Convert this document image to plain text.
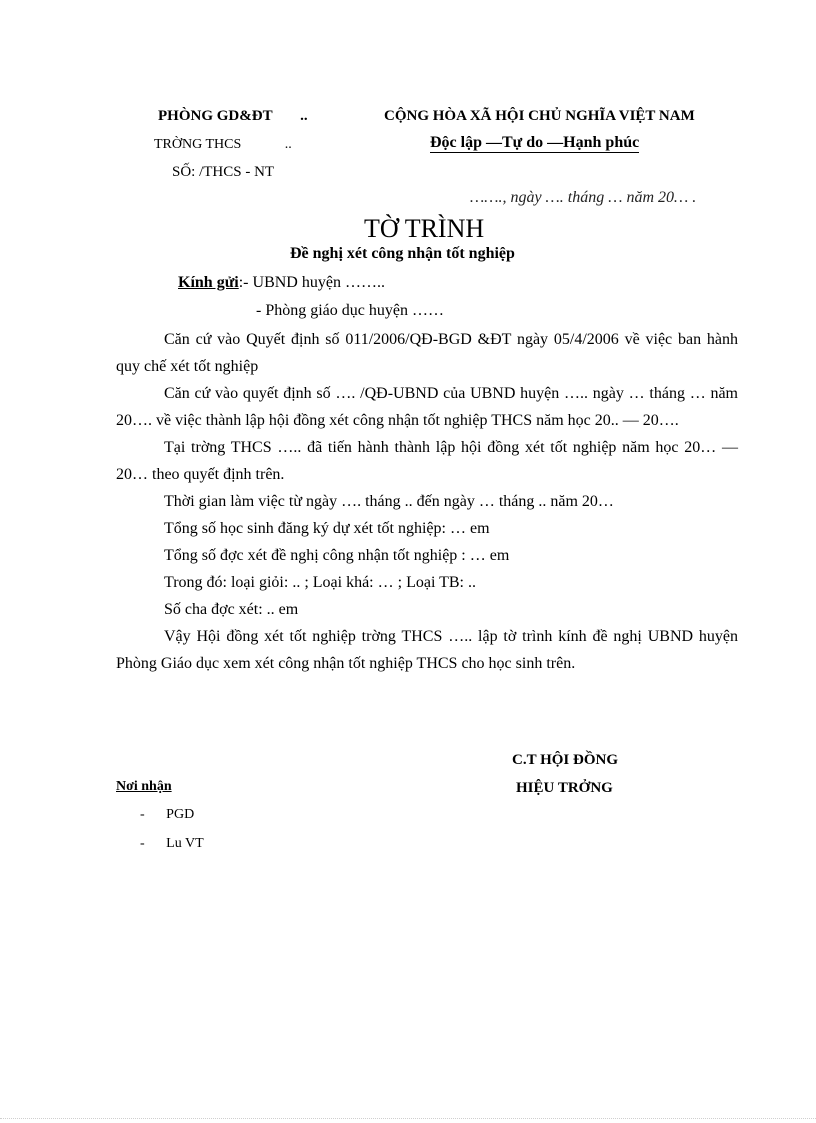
PHÒNG GD&ĐT ..
TRỜNG THCS	..
SỐ: /THCS - NT
CỘNG HÒA XÃ HỘI CHỦ NGHĨA VIỆT NAM
Độc lập —Tự do —Hạnh phúc
……., ngày …. tháng … năm 20… .
TỜ TRÌNH
Đề nghị xét công nhận tốt nghiệp
Kính gửi:- UBND huyện ……..
- Phòng giáo dục huyện ……

Căn cứ vào Quyết định số 011/2006/QĐ-BGD &ĐT ngày 05/4/2006 về việc ban hành quy chế xét tốt nghiệp

Căn cứ vào quyết định số …. /QĐ-UBND của UBND huyện ….. ngày … tháng … năm 20…. về việc thành lập hội đồng xét công nhận tốt nghiệp THCS năm học 20.. — 20….

Tại trờng THCS ….. đã tiến hành thành lập hội đồng xét tốt nghiệp năm học 20… — 20… theo quyết định trên.

Thời gian làm việc từ ngày …. tháng .. đến ngày … tháng .. năm 20…

Tổng số học sinh đăng ký dự xét tốt nghiệp: … em

Tổng số đợc xét đề nghị công nhận tốt nghiệp : … em

Trong đó: loại giỏi: .. ; Loại khá: … ; Loại TB: ..

Số cha đợc xét: .. em

Vậy Hội đồng xét tốt nghiệp trờng THCS ….. lập tờ trình kính đề nghị UBND huyện Phòng Giáo dục xem xét công nhận tốt nghiệp THCS cho học sinh trên.

C.T HỘI ĐỒNG
HIỆU TRỞNG
Nơi nhận
- PGD
- Lu VT
